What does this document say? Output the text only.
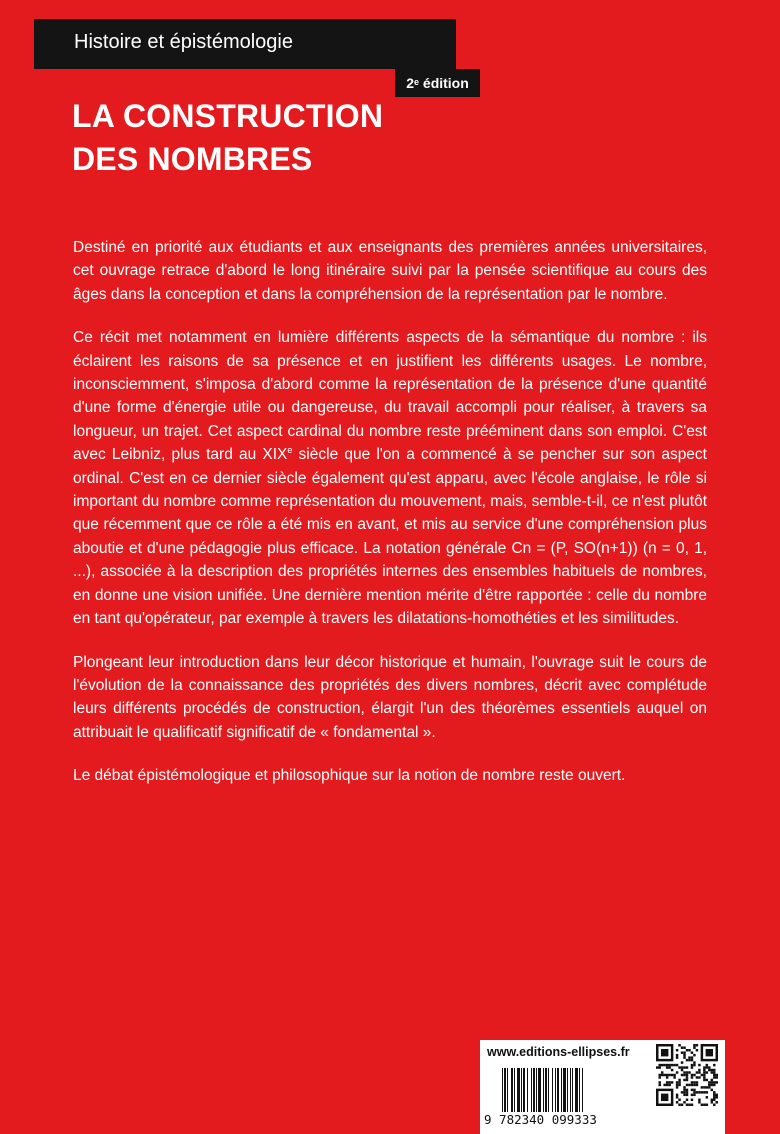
Histoire et épistémologie
2e édition
LA CONSTRUCTION
DES NOMBRES

Destiné en priorité aux étudiants et aux enseignants des premières années universitaires, cet ouvrage retrace d'abord le long itinéraire suivi par la pensée scientifique au cours des âges dans la conception et dans la compréhension de la représentation par le nombre.

Ce récit met notamment en lumière différents aspects de la sémantique du nombre : ils éclairent les raisons de sa présence et en justifient les différents usages. Le nombre, inconsciemment, s'imposa d'abord comme la représentation de la présence d'une quantité d'une forme d'énergie utile ou dangereuse, du travail accompli pour réaliser, à travers sa longueur, un trajet. Cet aspect cardinal du nombre reste prééminent dans son emploi. C'est avec Leibniz, plus tard au XIXe siècle que l'on a commencé à se pencher sur son aspect ordinal. C'est en ce dernier siècle également qu'est apparu, avec l'école anglaise, le rôle si important du nombre comme représentation du mouvement, mais, semble-t-il, ce n'est plutôt que récemment que ce rôle a été mis en avant, et mis au service d'une compréhension plus aboutie et d'une pédagogie plus efficace. La notation générale Cn = (P, SO(n+1)) (n = 0, 1, ...), associée à la description des propriétés internes des ensembles habituels de nombres, en donne une vision unifiée. Une dernière mention mérite d'être rapportée : celle du nombre en tant qu'opérateur, par exemple à travers les dilatations-homothéties et les similitudes.

Plongeant leur introduction dans leur décor historique et humain, l'ouvrage suit le cours de l'évolution de la connaissance des propriétés des divers nombres, décrit avec complétude leurs différents procédés de construction, élargit l'un des théorèmes essentiels auquel on attribuait le qualificatif significatif de « fondamental ».

Le débat épistémologique et philosophique sur la notion de nombre reste ouvert.

www.editions-ellipses.fr
9 782340 099333
